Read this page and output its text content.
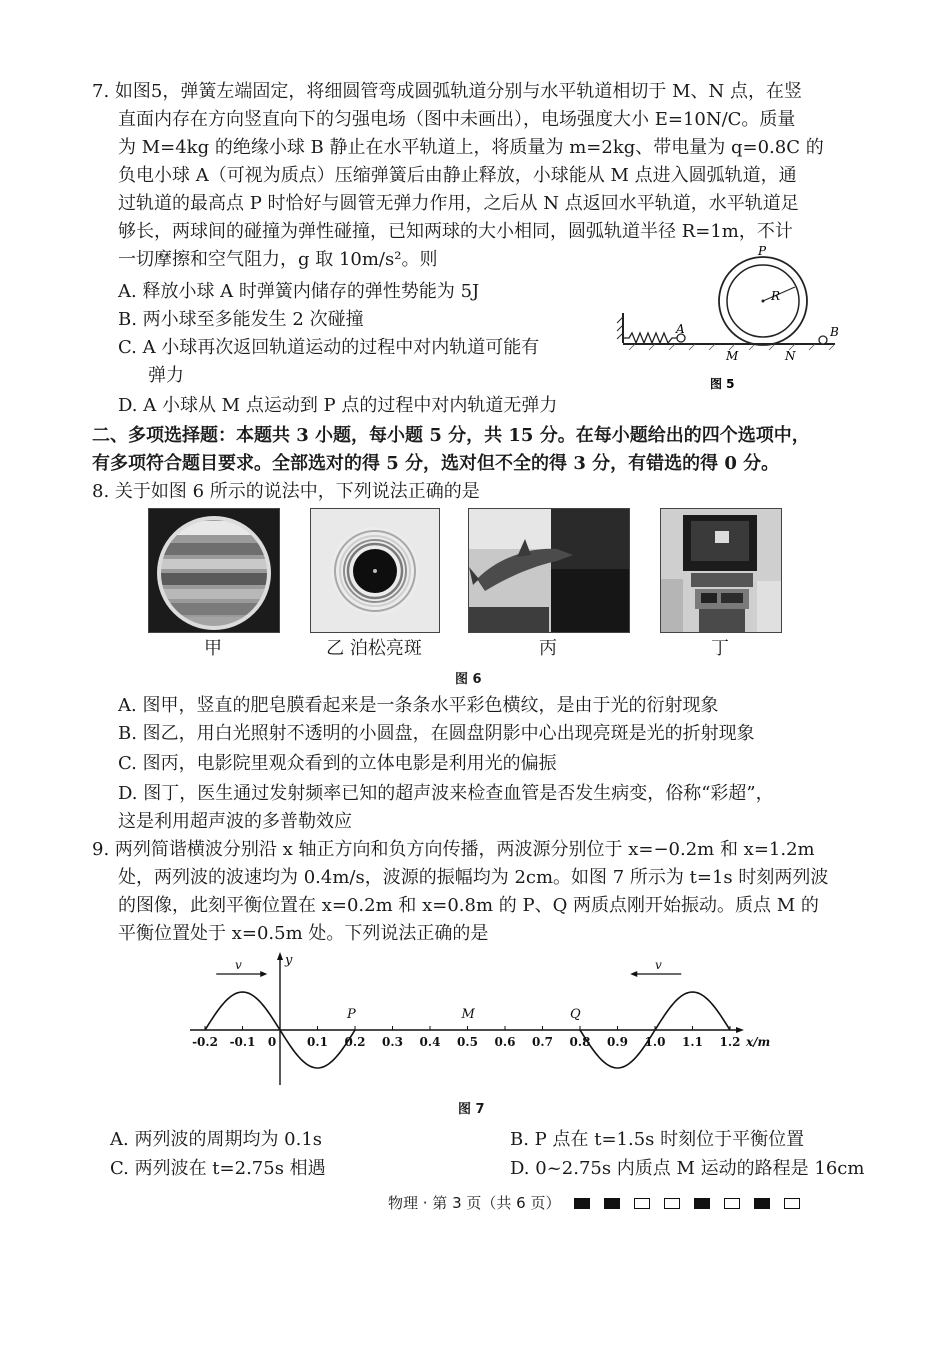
7. 如图5，弹簧左端固定，将细圆管弯成圆弧轨道分别与水平轨道相切于 M、N 点，在竖
直面内存在方向竖直向下的匀强电场（图中未画出），电场强度大小 E=10N/C。质量
为 M=4kg 的绝缘小球 B 静止在水平轨道上，将质量为 m=2kg、带电量为 q=0.8C 的
负电小球 A（可视为质点）压缩弹簧后由静止释放，小球能从 M 点进入圆弧轨道，通
过轨道的最高点 P 时恰好与圆管无弹力作用，之后从 N 点返回水平轨道，水平轨道足
够长，两球间的碰撞为弹性碰撞，已知两球的大小相同，圆弧轨道半径 R=1m，不计
一切摩擦和空气阻力，g 取 10m/s²。则
A. 释放小球 A 时弹簧内储存的弹性势能为 5J
B. 两小球至多能发生 2 次碰撞
C. A 小球再次返回轨道运动的过程中对内轨道可能有
弹力
D. A 小球从 M 点运动到 P 点的过程中对内轨道无弹力
P
R
A	B
M	N
图 5
二、多项选择题：本题共 3 小题，每小题 5 分，共 15 分。在每小题给出的四个选项中，
有多项符合题目要求。全部选对的得 5 分，选对但不全的得 3 分，有错选的得 0 分。
8. 关于如图 6 所示的说法中，下列说法正确的是
甲	乙 泊松亮斑	丙	丁
图 6
A. 图甲，竖直的肥皂膜看起来是一条条水平彩色横纹，是由于光的衍射现象
B. 图乙，用白光照射不透明的小圆盘，在圆盘阴影中心出现亮斑是光的折射现象
C. 图丙，电影院里观众看到的立体电影是利用光的偏振
D. 图丁，医生通过发射频率已知的超声波来检查血管是否发生病变，俗称“彩超”，
这是利用超声波的多普勒效应
9. 两列简谐横波分别沿 x 轴正方向和负方向传播，两波源分别位于 x=−0.2m 和 x=1.2m
处，两列波的波速均为 0.4m/s，波源的振幅均为 2cm。如图 7 所示为 t=1s 时刻两列波
的图像，此刻平衡位置在 x=0.2m 和 x=0.8m 的 P、Q 两质点刚开始振动。质点 M 的
平衡位置处于 x=0.5m 处。下列说法正确的是
y
-0.2 -0.1 0	0.1 0.2 0.3 0.4 0.5 0.6 0.7 0.8 0.9 1.0 1.1 1.2 x/m
P	M	Q
v	v
图 7
A. 两列波的周期均为 0.1s	B. P 点在 t=1.5s 时刻位于平衡位置
C. 两列波在 t=2.75s 相遇	D. 0~2.75s 内质点 M 运动的路程是 16cm
物理 · 第 3 页（共 6 页）
